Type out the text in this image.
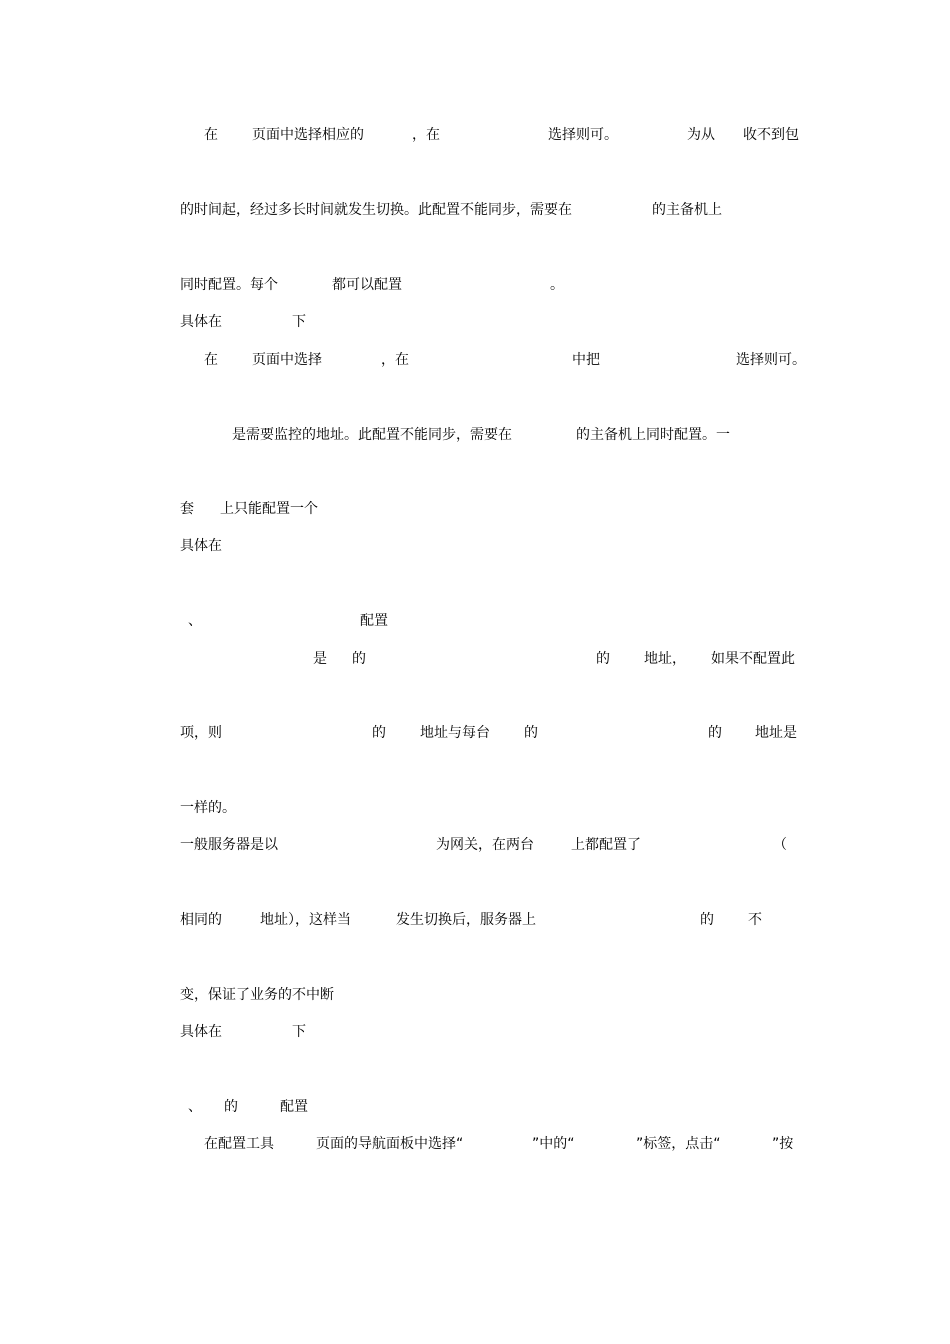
在 页面中选择相应的	，在	选择则可。	为从 收不到包
的时间起，经过多长时间就发生切换。此配置不能同步，需要在	的主备机上
同时配置。每个	都可以配置	。
具体在	下
在 页面中选择	，在	中把	选择则可。
是需要监控的地址。此配置不能同步，需要在	的主备机上同时配置。一
套 上只能配置一个
具体在
、	配置
是 的	的 地址， 如果不配置此
项，则	的 地址与每台 的	的 地址是
一样的。
一般服务器是以	为网关，在两台	上都配置了	（
相同的	地址），这样当	发生切换后，服务器上	的 不
变，保证了业务的不中断
具体在	下
、 的	配置
在配置工具	页面的导航面板中选择“	”中的“	”标签，点击“	”按
